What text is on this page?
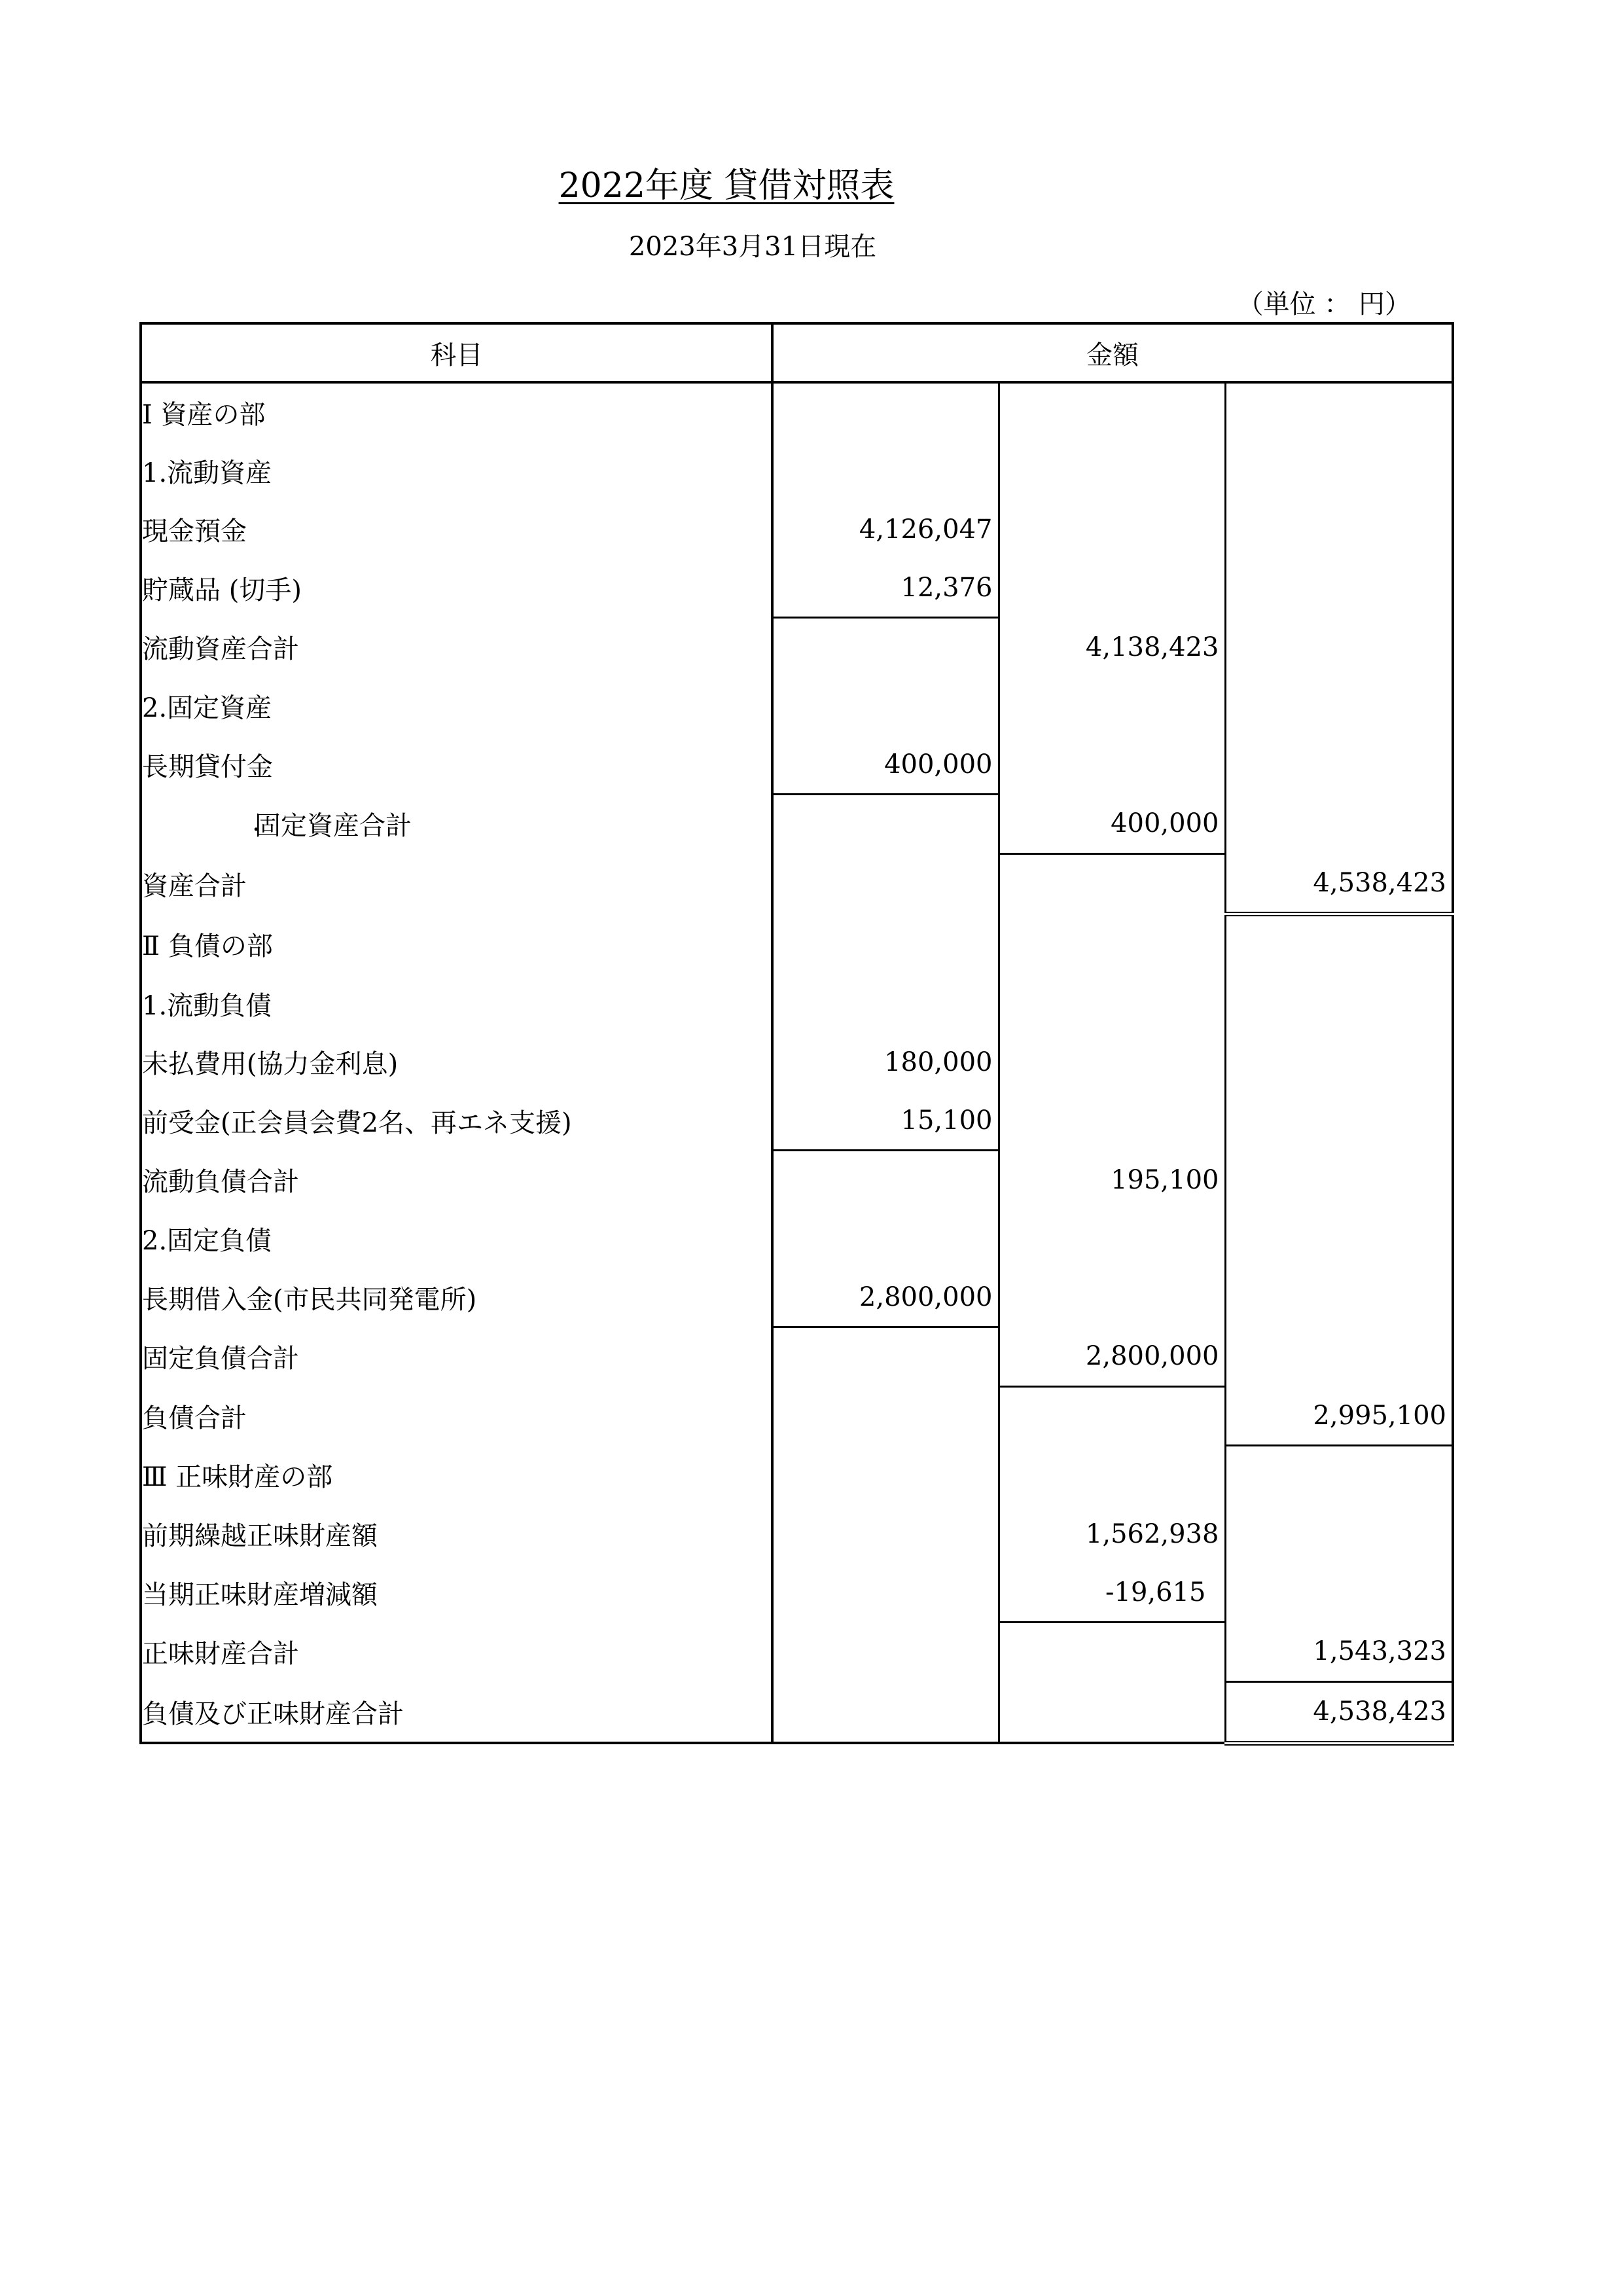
2022年度 貸借対照表
2023年3月31日現在
（単位 ： 円）
科目	金額		
Ⅰ 資産の部			
1.流動資産			
現金預金	4,126,047		
貯蔵品 (切手)	12,376		
流動資産合計		4,138,423	
2.固定資産			
長期貸付金	400,000		
固定資産合計		400,000	
資産合計			4,538,423
Ⅱ 負債の部			
1.流動負債			
未払費用(協力金利息)	180,000		
前受金(正会員会費2名、再エネ支援)	15,100		
流動負債合計		195,100	
2.固定負債			
長期借入金(市民共同発電所)	2,800,000		
固定負債合計		2,800,000	
負債合計			2,995,100
Ⅲ 正味財産の部			
前期繰越正味財産額		1,562,938	
当期正味財産増減額		-19,615	
正味財産合計			1,543,323
負債及び正味財産合計			4,538,423
